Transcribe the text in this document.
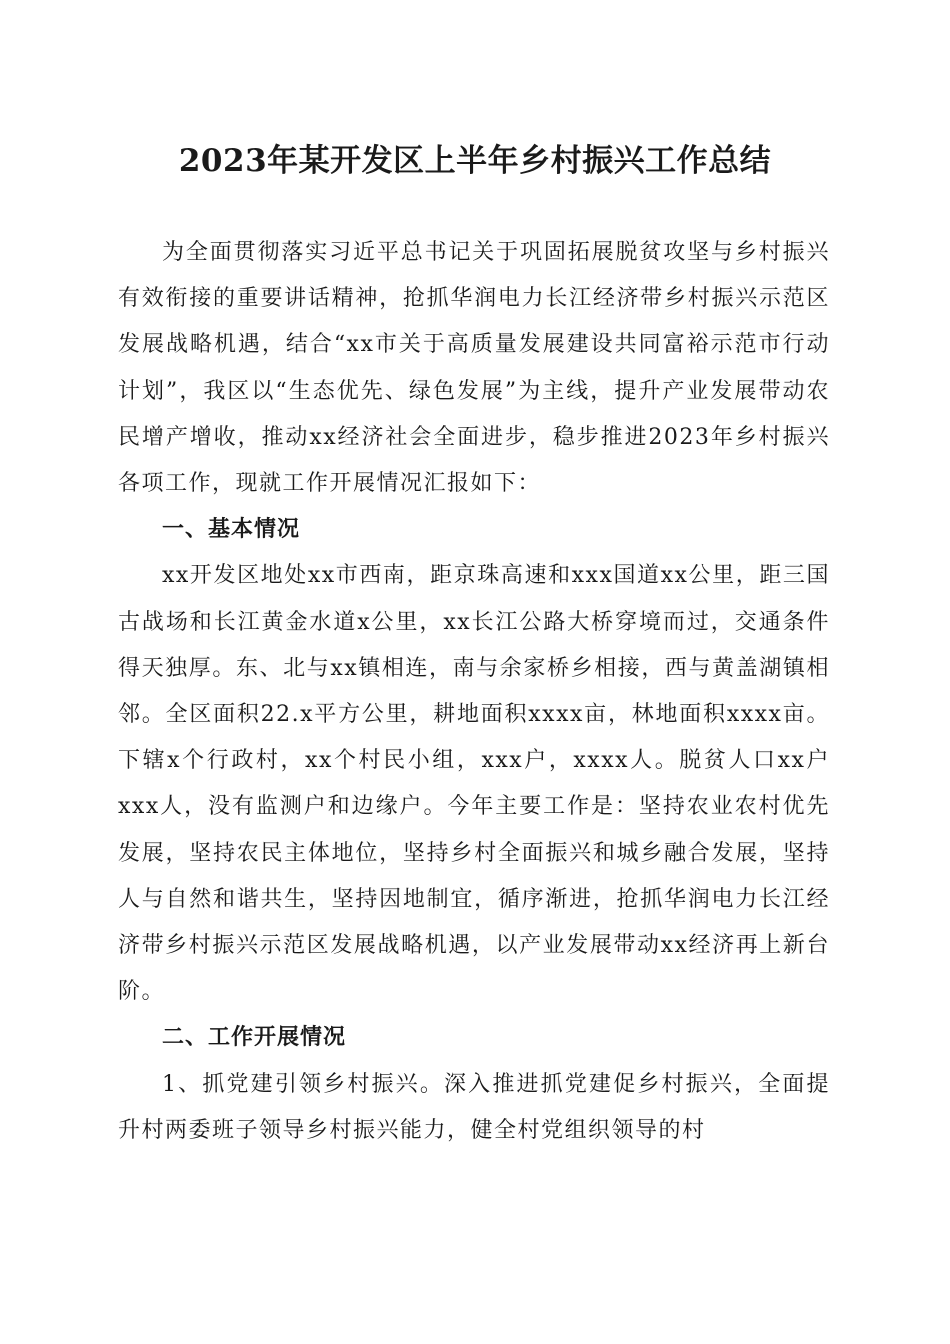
2023年某开发区上半年乡村振兴工作总结

为全面贯彻落实习近平总书记关于巩固拓展脱贫攻坚与乡村振兴有效衔接的重要讲话精神，抢抓华润电力长江经济带乡村振兴示范区发展战略机遇，结合“xx市关于高质量发展建设共同富裕示范市行动计划”，我区以“生态优先、绿色发展”为主线，提升产业发展带动农民增产增收，推动xx经济社会全面进步，稳步推进2023年乡村振兴各项工作，现就工作开展情况汇报如下：

一、基本情况

xx开发区地处xx市西南，距京珠高速和xxx国道xx公里，距三国古战场和长江黄金水道x公里，xx长江公路大桥穿境而过，交通条件得天独厚。东、北与xx镇相连，南与余家桥乡相接，西与黄盖湖镇相邻。全区面积22.x平方公里，耕地面积xxxx亩，林地面积xxxx亩。下辖x个行政村，xx个村民小组，xxx户，xxxx人。脱贫人口xx户xxx人，没有监测户和边缘户。今年主要工作是：坚持农业农村优先发展，坚持农民主体地位，坚持乡村全面振兴和城乡融合发展，坚持人与自然和谐共生，坚持因地制宜，循序渐进，抢抓华润电力长江经济带乡村振兴示范区发展战略机遇，以产业发展带动xx经济再上新台阶。

二、工作开展情况

1、抓党建引领乡村振兴。深入推进抓党建促乡村振兴，全面提升村两委班子领导乡村振兴能力，健全村党组织领导的村
